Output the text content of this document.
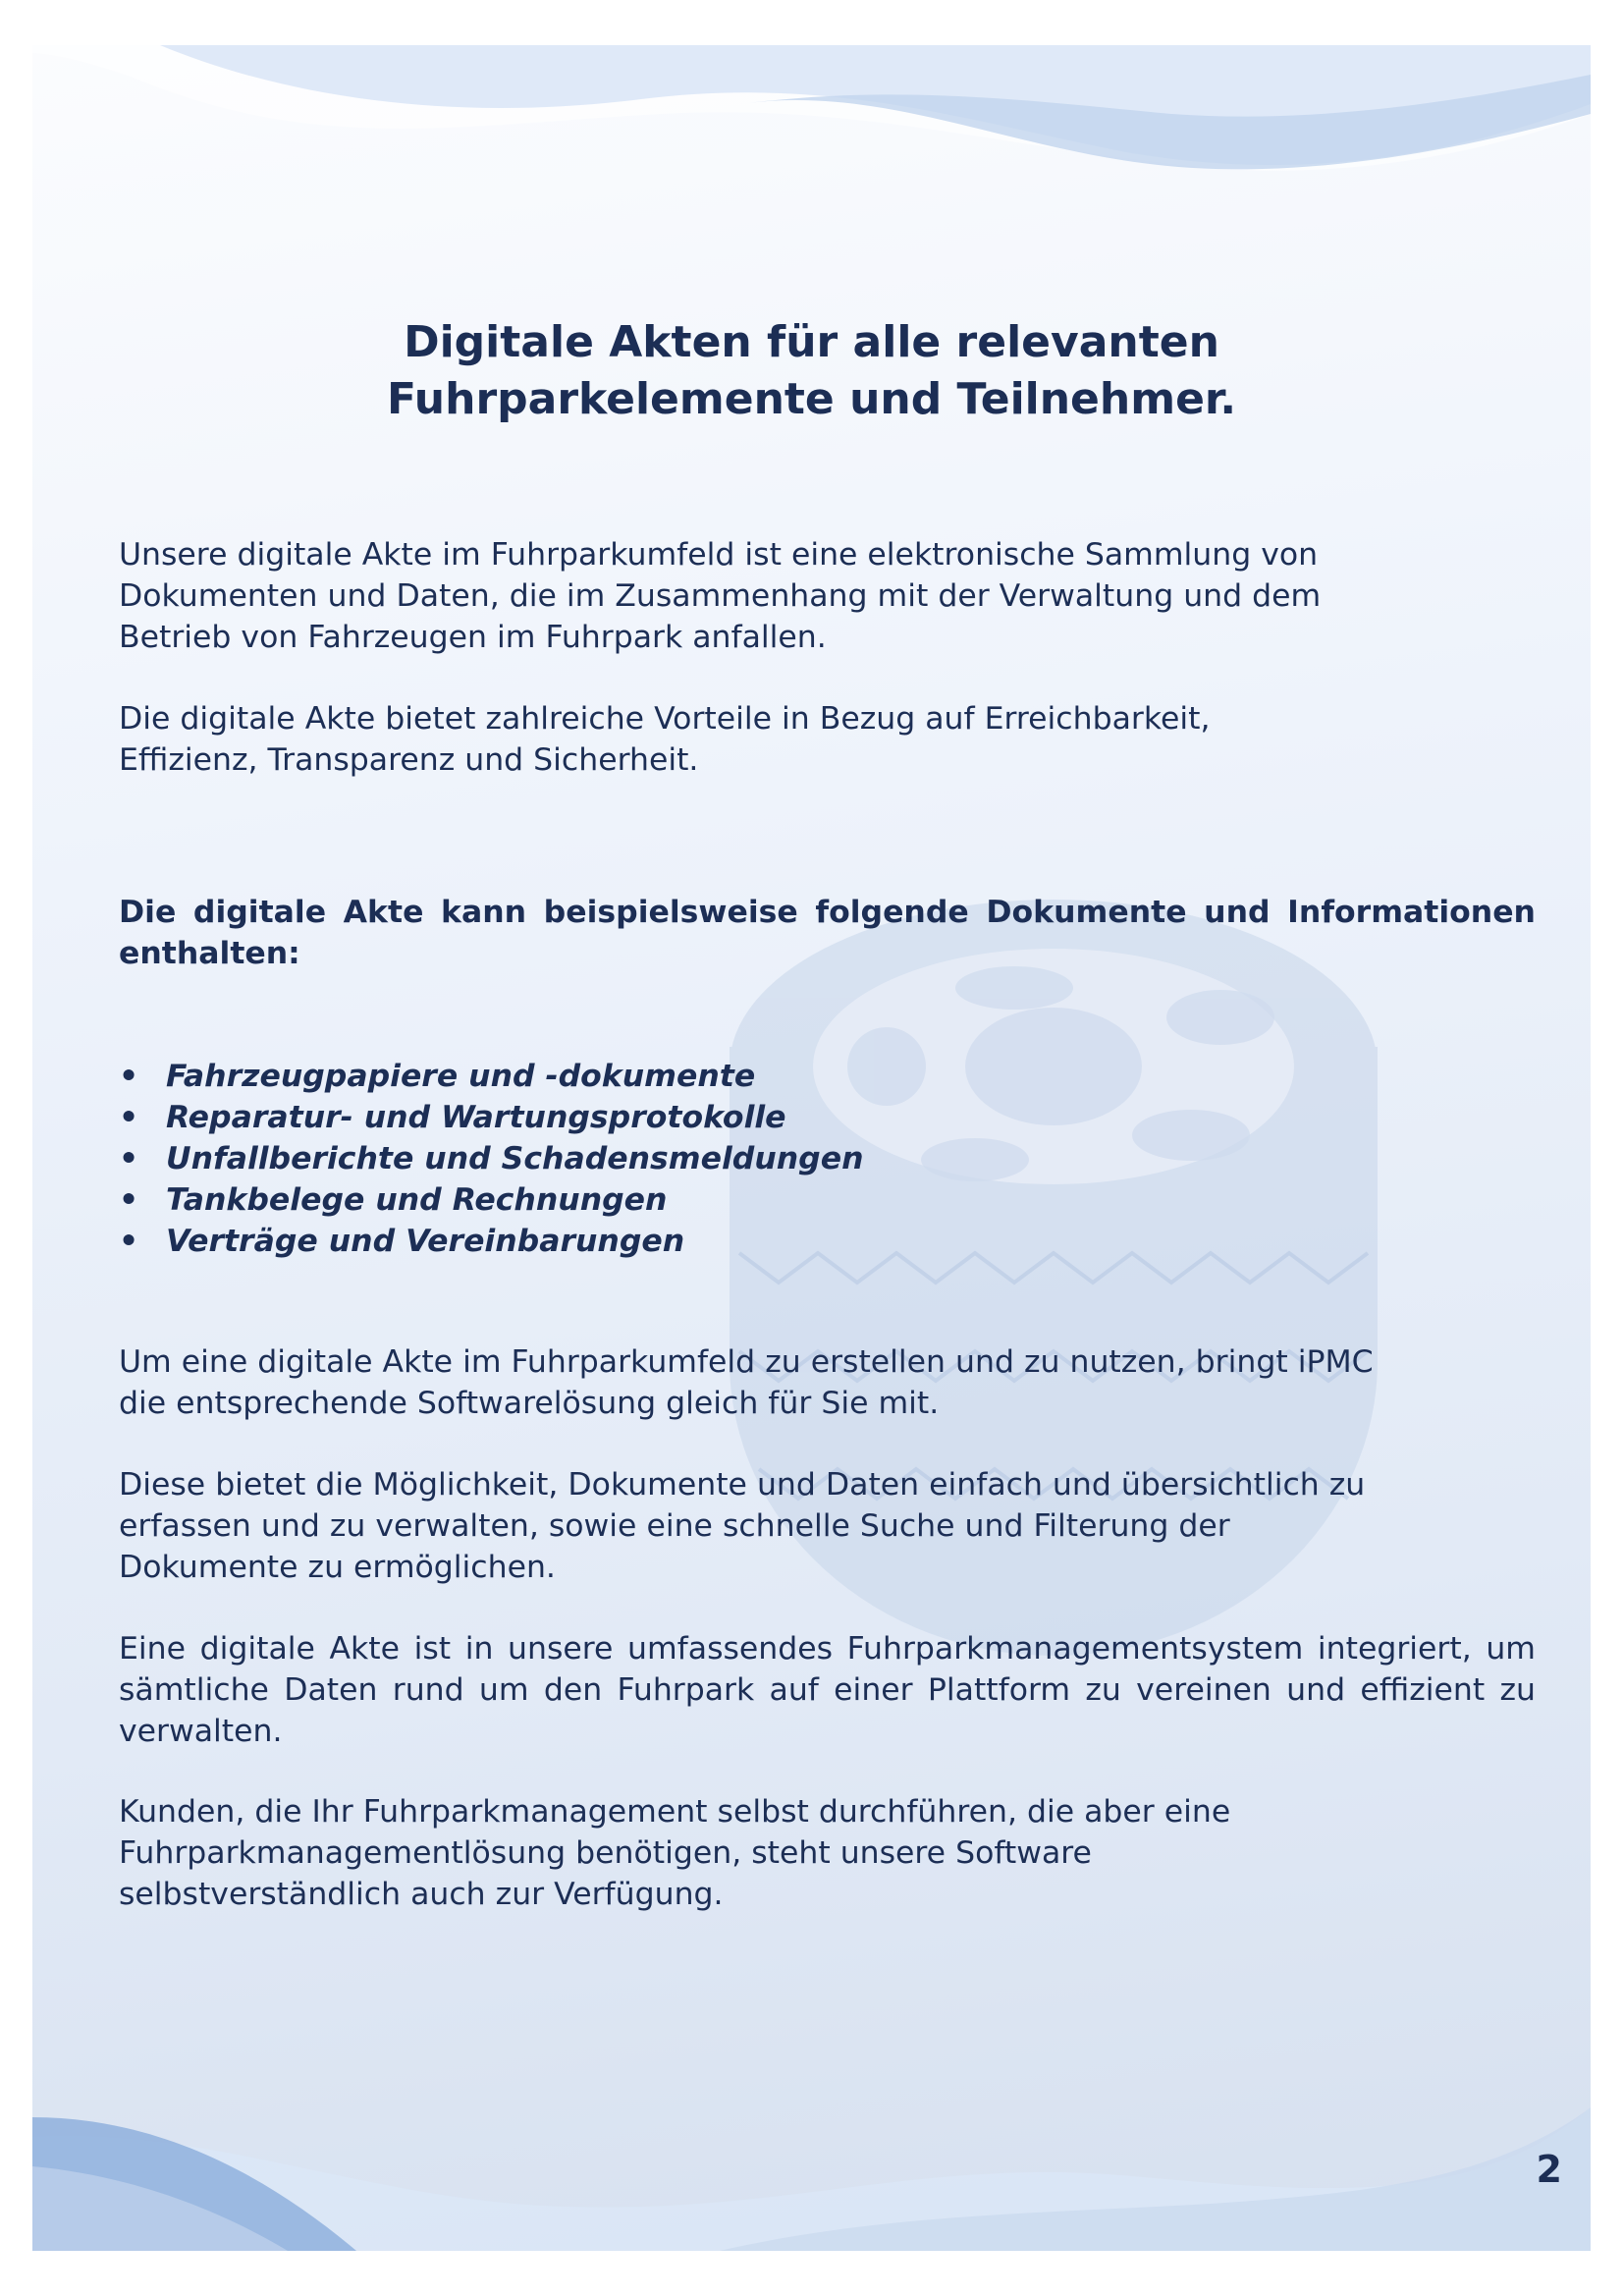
Digitale Akten für alle relevanten
Fuhrparkelemente und Teilnehmer.

Unsere digitale Akte im Fuhrparkumfeld ist eine elektronische Sammlung von
Dokumenten und Daten, die im Zusammenhang mit der Verwaltung und dem
Betrieb von Fahrzeugen im Fuhrpark anfallen.

Die digitale Akte bietet zahlreiche Vorteile in Bezug auf Erreichbarkeit,
Effizienz, Transparenz und Sicherheit.

Die digitale Akte kann beispielsweise folgende Dokumente und Informationen enthalten:

• Fahrzeugpapiere und -dokumente
• Reparatur- und Wartungsprotokolle
• Unfallberichte und Schadensmeldungen
• Tankbelege und Rechnungen
• Verträge und Vereinbarungen

Um eine digitale Akte im Fuhrparkumfeld zu erstellen und zu nutzen, bringt iPMC
die entsprechende Softwarelösung gleich für Sie mit.

Diese bietet die Möglichkeit, Dokumente und Daten einfach und übersichtlich zu
erfassen und zu verwalten, sowie eine schnelle Suche und Filterung der
Dokumente zu ermöglichen.

Eine digitale Akte ist in unsere umfassendes Fuhrparkmanagementsystem integriert, um sämtliche Daten rund um den Fuhrpark auf einer Plattform zu vereinen und effizient zu verwalten.

Kunden, die Ihr Fuhrparkmanagement selbst durchführen, die aber eine
Fuhrparkmanagementlösung benötigen, steht unsere Software
selbstverständlich auch zur Verfügung.

2
